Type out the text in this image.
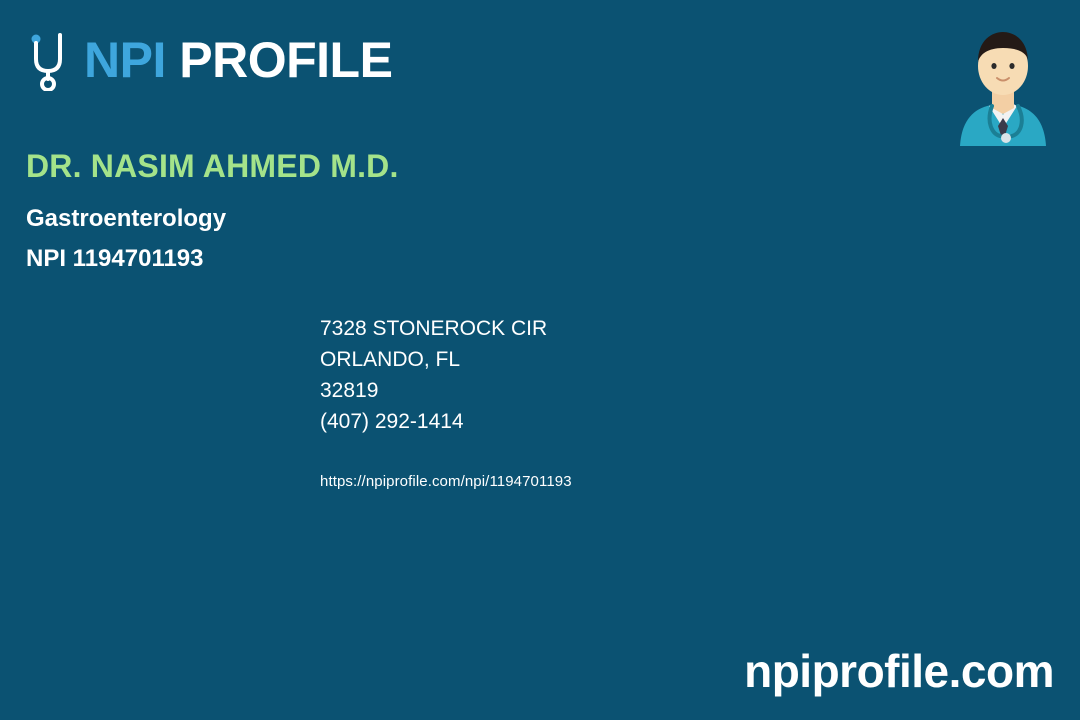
NPI PROFILE
DR. NASIM AHMED M.D.
Gastroenterology
NPI 1194701193
7328 STONEROCK CIR
ORLANDO, FL
32819
(407) 292-1414
https://npiprofile.com/npi/1194701193
npiprofile.com
